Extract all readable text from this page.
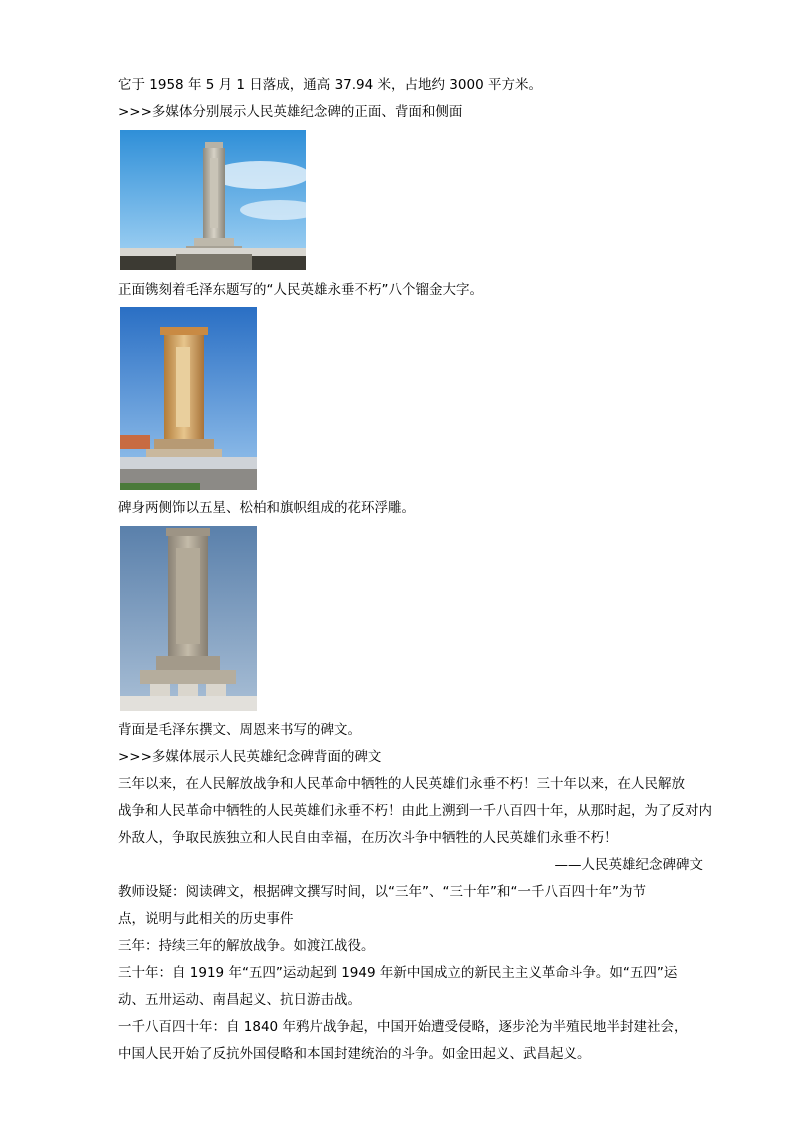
它于 1958 年 5 月 1 日落成，通高 37.94 米，占地约 3000 平方米。
>>>多媒体分别展示人民英雄纪念碑的正面、背面和侧面
正面镌刻着毛泽东题写的“人民英雄永垂不朽”八个镏金大字。
碑身两侧饰以五星、松柏和旗帜组成的花环浮雕。
背面是毛泽东撰文、周恩来书写的碑文。
>>>多媒体展示人民英雄纪念碑背面的碑文
三年以来，在人民解放战争和人民革命中牺牲的人民英雄们永垂不朽！三十年以来，在人民解放
战争和人民革命中牺牲的人民英雄们永垂不朽！由此上溯到一千八百四十年，从那时起，为了反对内
外敌人，争取民族独立和人民自由幸福，在历次斗争中牺牲的人民英雄们永垂不朽！
——人民英雄纪念碑碑文
教师设疑：阅读碑文，根据碑文撰写时间，以“三年”、“三十年”和“一千八百四十年”为节
点，说明与此相关的历史事件
三年：持续三年的解放战争。如渡江战役。
三十年：自 1919 年“五四”运动起到 1949 年新中国成立的新民主主义革命斗争。如“五四”运
动、五卅运动、南昌起义、抗日游击战。
一千八百四十年：自 1840 年鸦片战争起，中国开始遭受侵略，逐步沦为半殖民地半封建社会，
中国人民开始了反抗外国侵略和本国封建统治的斗争。如金田起义、武昌起义。
